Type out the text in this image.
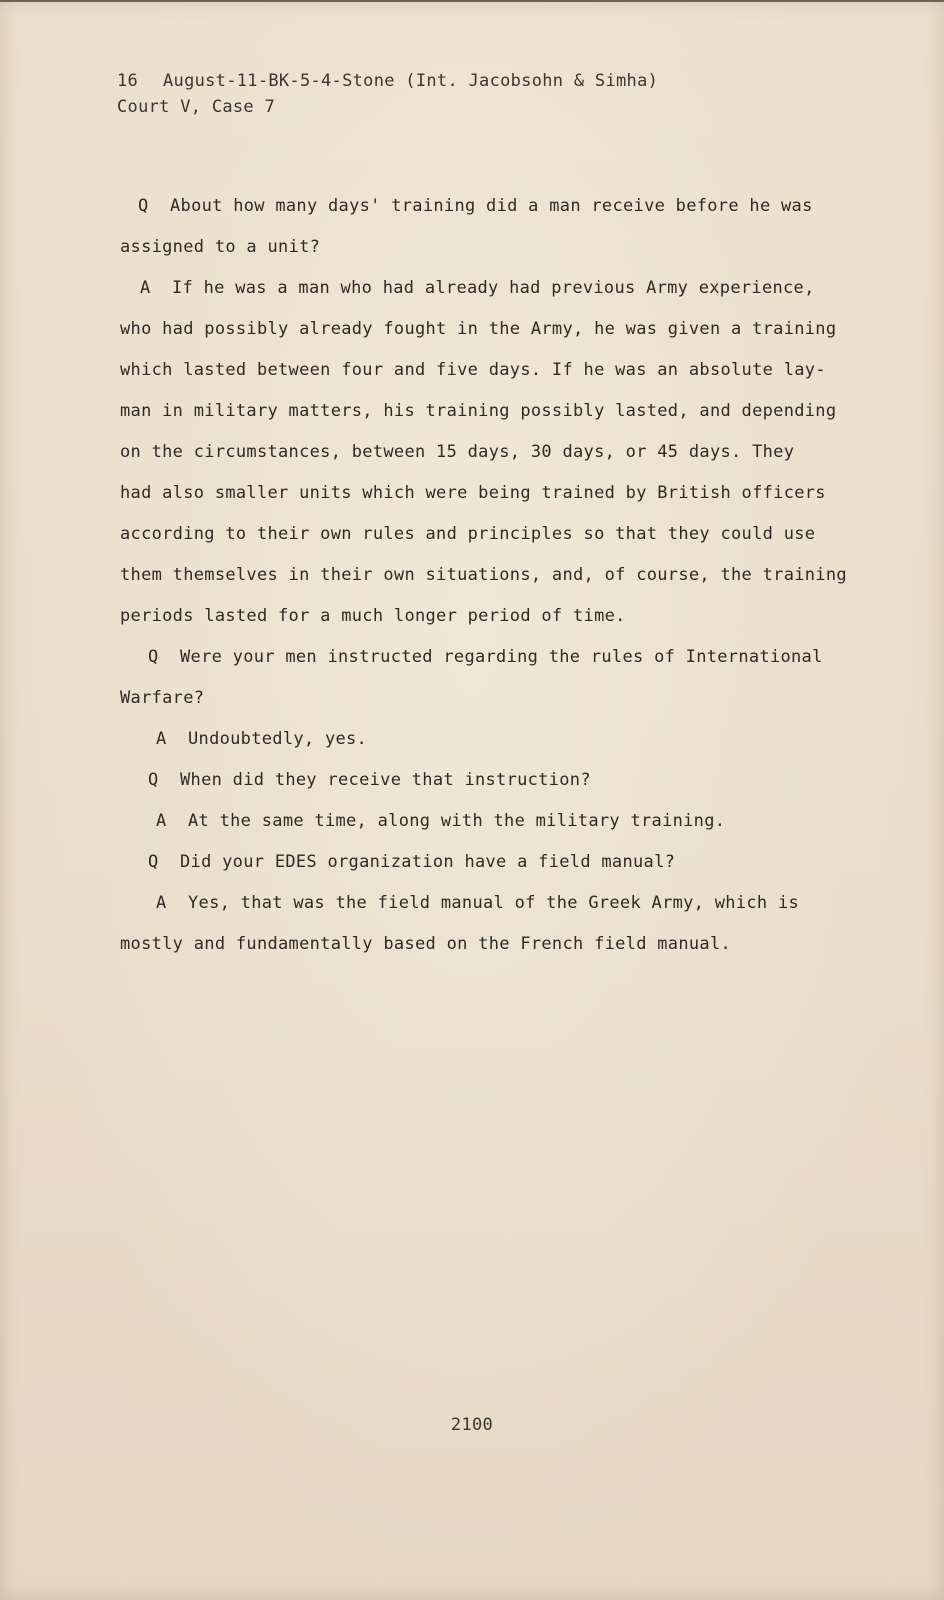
16 August-11-BK-5-4-Stone (Int. Jacobsohn & Simha)
Court V, Case 7
Q About how many days' training did a man receive before he was
assigned to a unit?
A If he was a man who had already had previous Army experience,
who had possibly already fought in the Army, he was given a training
which lasted between four and five days. If he was an absolute lay-
man in military matters, his training possibly lasted, and depending
on the circumstances, between 15 days, 30 days, or 45 days. They
had also smaller units which were being trained by British officers
according to their own rules and principles so that they could use
them themselves in their own situations, and, of course, the training
periods lasted for a much longer period of time.
Q Were your men instructed regarding the rules of International
Warfare?
A Undoubtedly, yes.
Q When did they receive that instruction?
A At the same time, along with the military training.
Q Did your EDES organization have a field manual?
A Yes, that was the field manual of the Greek Army, which is
mostly and fundamentally based on the French field manual.
2100
